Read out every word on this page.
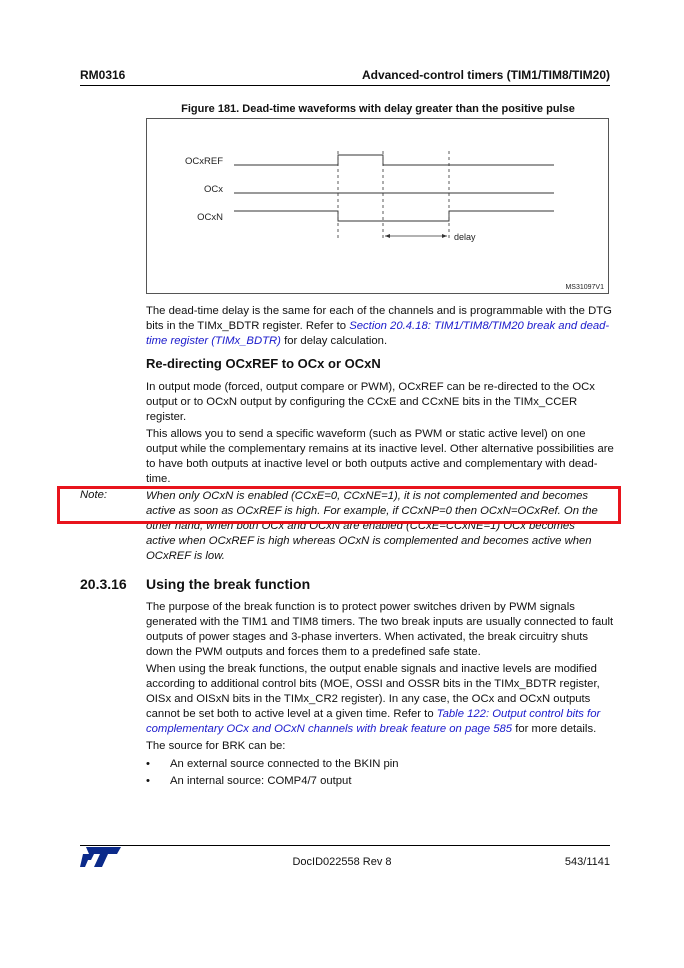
RM0316	Advanced-control timers (TIM1/TIM8/TIM20)
Figure 181. Dead-time waveforms with delay greater than the positive pulse
OCxREF
OCx
OCxN
delay
MS31097V1

The dead-time delay is the same for each of the channels and is programmable with the DTG bits in the TIMx_BDTR register. Refer to Section 20.4.18: TIM1/TIM8/TIM20 break and dead-time register (TIMx_BDTR) for delay calculation.

Re-directing OCxREF to OCx or OCxN
In output mode (forced, output compare or PWM), OCxREF can be re-directed to the OCx output or to OCxN output by configuring the CCxE and CCxNE bits in the TIMx_CCER register.
This allows you to send a specific waveform (such as PWM or static active level) on one output while the complementary remains at its inactive level. Other alternative possibilities are to have both outputs at inactive level or both outputs active and complementary with dead-time.
Note:	When only OCxN is enabled (CCxE=0, CCxNE=1), it is not complemented and becomes
active as soon as OCxREF is high. For example, if CCxNP=0 then OCxN=OCxRef. On the
other hand, when both OCx and OCxN are enabled (CCxE=CCxNE=1) OCx becomes
active when OCxREF is high whereas OCxN is complemented and becomes active when
OCxREF is low.
20.3.16 Using the break function
The purpose of the break function is to protect power switches driven by PWM signals generated with the TIM1 and TIM8 timers. The two break inputs are usually connected to fault outputs of power stages and 3-phase inverters. When activated, the break circuitry shuts down the PWM outputs and forces them to a predefined safe state.

When using the break functions, the output enable signals and inactive levels are modified according to additional control bits (MOE, OSSI and OSSR bits in the TIMx_BDTR register, OISx and OISxN bits in the TIMx_CR2 register). In any case, the OCx and OCxN outputs cannot be set both to active level at a given time. Refer to Table 122: Output control bits for complementary OCx and OCxN channels with break feature on page 585 for more details.

The source for BRK can be:
• An external source connected to the BKIN pin
• An internal source: COMP4/7 output
DocID022558 Rev 8	543/1141
